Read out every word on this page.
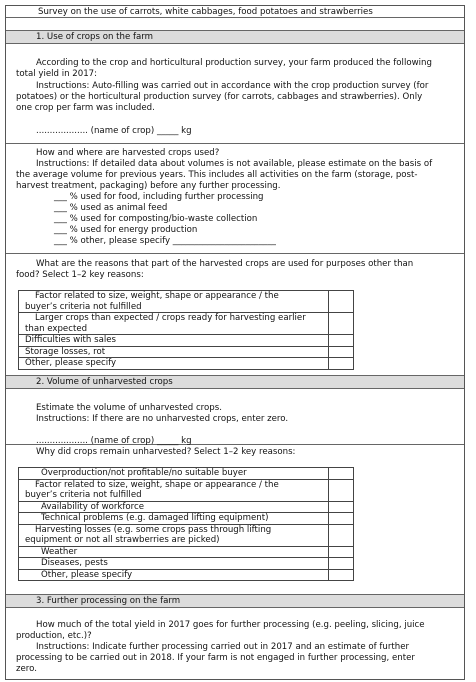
Survey on the use of carrots, white cabbages, food potatoes and strawberries
1. Use of crops on the farm
According to the crop and horticultural production survey, your farm produced the following
total yield in 2017:
Instructions: Auto-filling was carried out in accordance with the crop production survey (for
potatoes) or the horticultural production survey (for carrots, cabbages and strawberries). Only
one crop per farm was included.
................... (name of crop) _____ kg
How and where are harvested crops used?
Instructions: If detailed data about volumes is not available, please estimate on the basis of
the average volume for previous years. This includes all activities on the farm (storage, post-
harvest treatment, packaging) before any further processing.
___ % used for food, including further processing
___ % used as animal feed
___ % used for composting/bio-waste collection
___ % used for energy production
___ % other, please specify ________________________
What are the reasons that part of the harvested crops are used for purposes other than
food? Select 1–2 key reasons:
Factor related to size, weight, shape or appearance / the
buyer’s criteria not fulfilled	
Larger crops than expected / crops ready for harvesting earlier
than expected	
Difficulties with sales	
Storage losses, rot	
Other, please specify	
2. Volume of unharvested crops
Estimate the volume of unharvested crops.
Instructions: If there are no unharvested crops, enter zero.
................... (name of crop) _____ kg
Why did crops remain unharvested? Select 1–2 key reasons:
Overproduction/not profitable/no suitable buyer	
Factor related to size, weight, shape or appearance / the
buyer’s criteria not fulfilled	
Availability of workforce	
Technical problems (e.g. damaged lifting equipment)	
Harvesting losses (e.g. some crops pass through lifting
equipment or not all strawberries are picked)	
Weather	
Diseases, pests	
Other, please specify	
3. Further processing on the farm
How much of the total yield in 2017 goes for further processing (e.g. peeling, slicing, juice
production, etc.)?
Instructions: Indicate further processing carried out in 2017 and an estimate of further
processing to be carried out in 2018. If your farm is not engaged in further processing, enter
zero.
